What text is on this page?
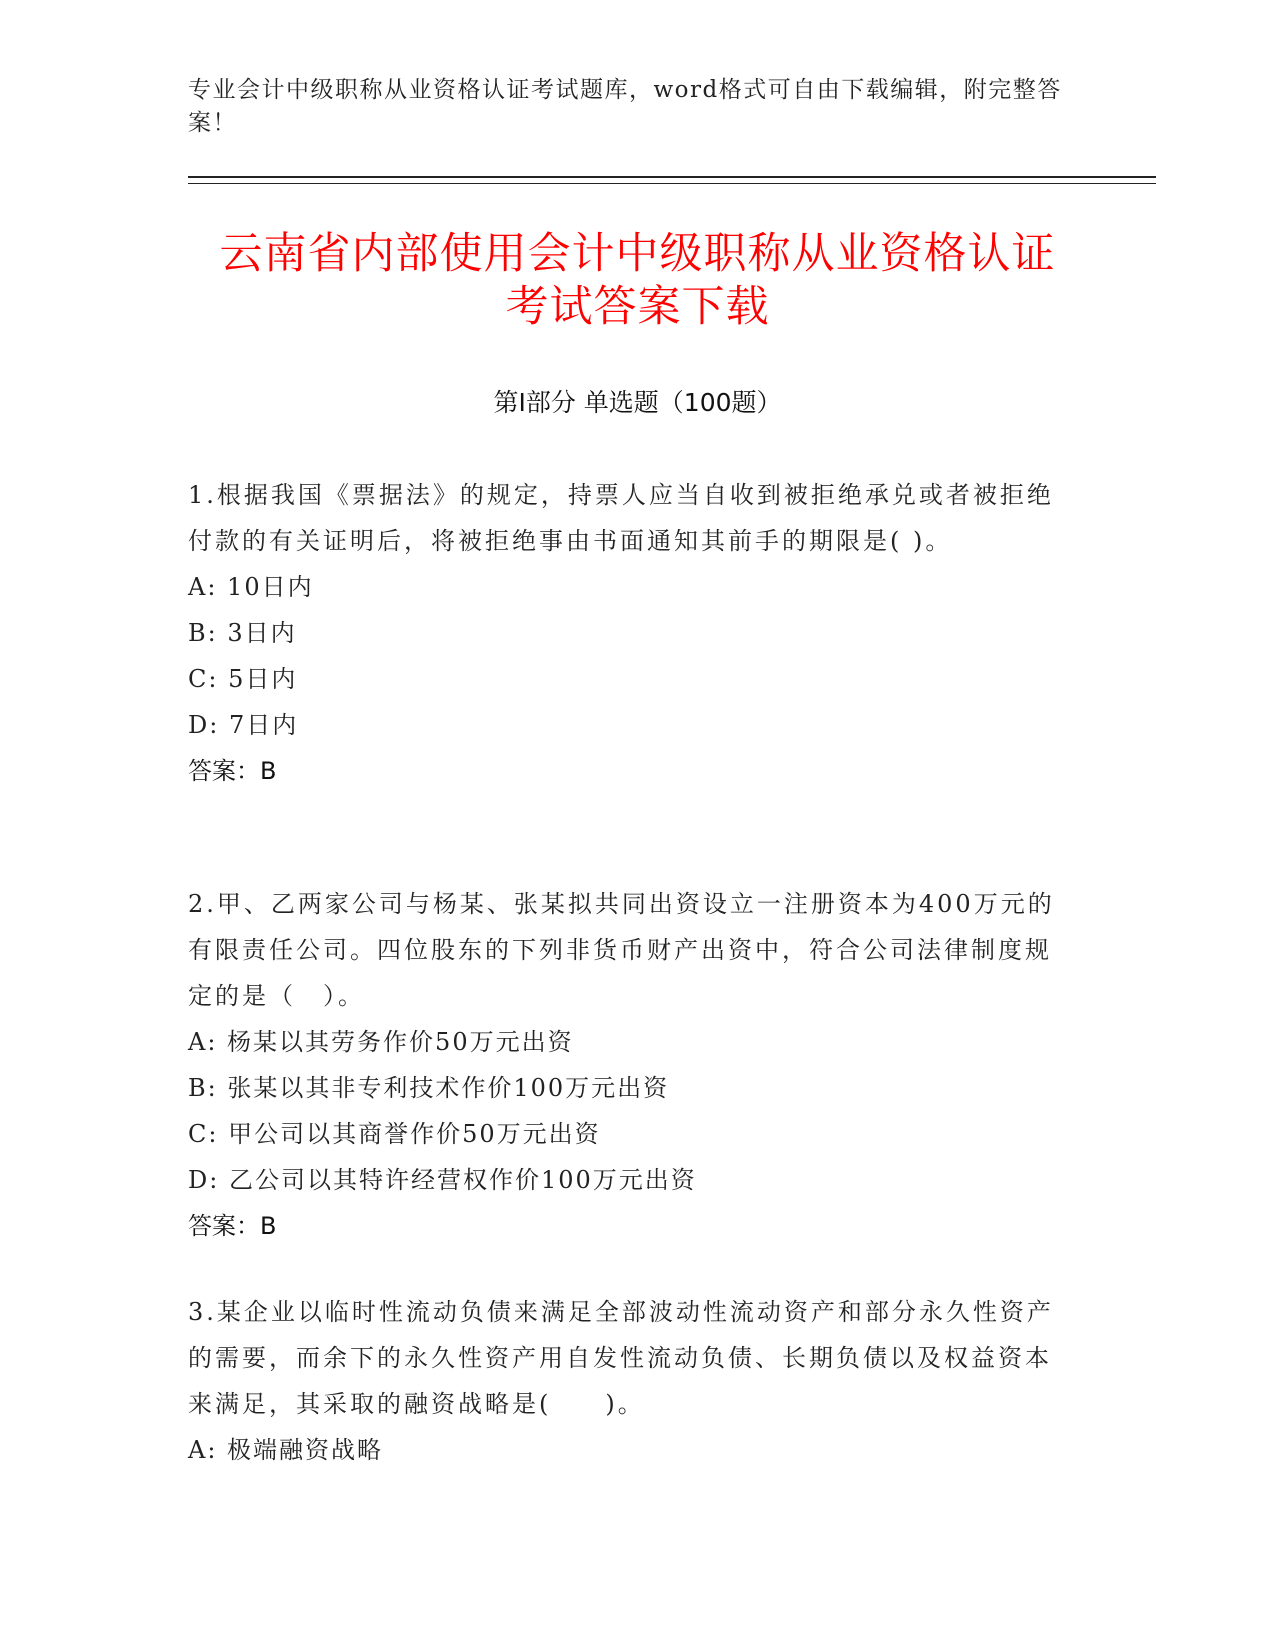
专业会计中级职称从业资格认证考试题库，word格式可自由下载编辑，附完整答案！
云南省内部使用会计中级职称从业资格认证
考试答案下载
第Ⅰ部分 单选题（100题）

1.根据我国《票据法》的规定，持票人应当自收到被拒绝承兑或者被拒绝付款的有关证明后，将被拒绝事由书面通知其前手的期限是( )。

A: 10日内

B: 3日内

C: 5日内

D: 7日内

答案：B

2.甲、乙两家公司与杨某、张某拟共同出资设立一注册资本为400万元的有限责任公司。四位股东的下列非货币财产出资中，符合公司法律制度规定的是（　）。

A: 杨某以其劳务作价50万元出资

B: 张某以其非专利技术作价100万元出资

C: 甲公司以其商誉作价50万元出资

D: 乙公司以其特许经营权作价100万元出资

答案：B

3.某企业以临时性流动负债来满足全部波动性流动资产和部分永久性资产的需要，而余下的永久性资产用自发性流动负债、长期负债以及权益资本来满足，其采取的融资战略是(　　)。

A: 极端融资战略
